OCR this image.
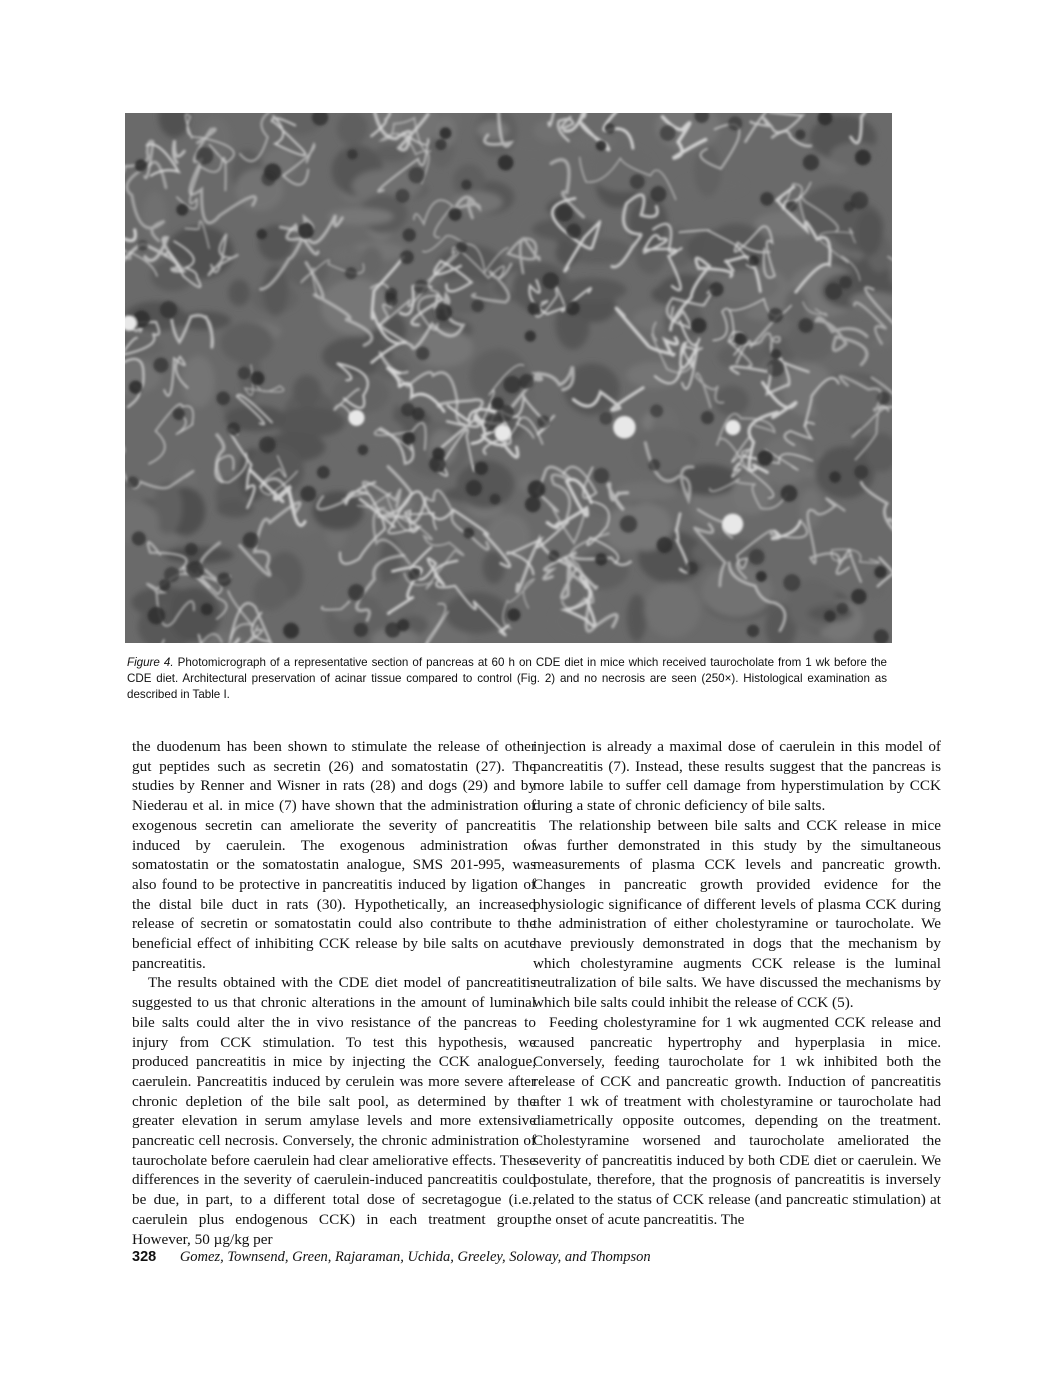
Figure 4. Photomicrograph of a representative section of pancreas at 60 h on CDE diet in mice which received taurocholate from 1 wk before the CDE diet. Architectural preservation of acinar tissue compared to control (Fig. 2) and no necrosis are seen (250×). Histological examination as described in Table I.

the duodenum has been shown to stimulate the release of other gut peptides such as secretin (26) and somatostatin (27). The studies by Renner and Wisner in rats (28) and dogs (29) and by Niederau et al. in mice (7) have shown that the administration of exogenous secretin can ameliorate the severity of pancreatitis induced by caerulein. The exogenous administration of somatostatin or the somatostatin analogue, SMS 201-995, was also found to be protective in pancreatitis induced by ligation of the distal bile duct in rats (30). Hypothetically, an increased release of secretin or somatostatin could also contribute to the beneficial effect of inhibiting CCK release by bile salts on acute pancreatitis.

The results obtained with the CDE diet model of pancreatitis suggested to us that chronic alterations in the amount of luminal bile salts could alter the in vivo resistance of the pancreas to injury from CCK stimulation. To test this hypothesis, we produced pancreatitis in mice by injecting the CCK analogue, caerulein. Pancreatitis induced by cerulein was more severe after chronic depletion of the bile salt pool, as determined by the greater elevation in serum amylase levels and more extensive pancreatic cell necrosis. Conversely, the chronic administration of taurocholate before caerulein had clear ameliorative effects. These differences in the severity of caerulein-induced pancreatitis could be due, in part, to a different total dose of secretagogue (i.e., caerulein plus endogenous CCK) in each treatment group. However, 50 µg/kg per

injection is already a maximal dose of caerulein in this model of pancreatitis (7). Instead, these results suggest that the pancreas is more labile to suffer cell damage from hyperstimulation by CCK during a state of chronic deficiency of bile salts.

The relationship between bile salts and CCK release in mice was further demonstrated in this study by the simultaneous measurements of plasma CCK levels and pancreatic growth. Changes in pancreatic growth provided evidence for the physiologic significance of different levels of plasma CCK during the administration of either cholestyramine or taurocholate. We have previously demonstrated in dogs that the mechanism by which cholestyramine augments CCK release is the luminal neutralization of bile salts. We have discussed the mechanisms by which bile salts could inhibit the release of CCK (5).

Feeding cholestyramine for 1 wk augmented CCK release and caused pancreatic hypertrophy and hyperplasia in mice. Conversely, feeding taurocholate for 1 wk inhibited both the release of CCK and pancreatic growth. Induction of pancreatitis after 1 wk of treatment with cholestyramine or taurocholate had diametrically opposite outcomes, depending on the treatment. Cholestyramine worsened and taurocholate ameliorated the severity of pancreatitis induced by both CDE diet or caerulein. We postulate, therefore, that the prognosis of pancreatitis is inversely related to the status of CCK release (and pancreatic stimulation) at the onset of acute pancreatitis. The

328 Gomez, Townsend, Green, Rajaraman, Uchida, Greeley, Soloway, and Thompson
